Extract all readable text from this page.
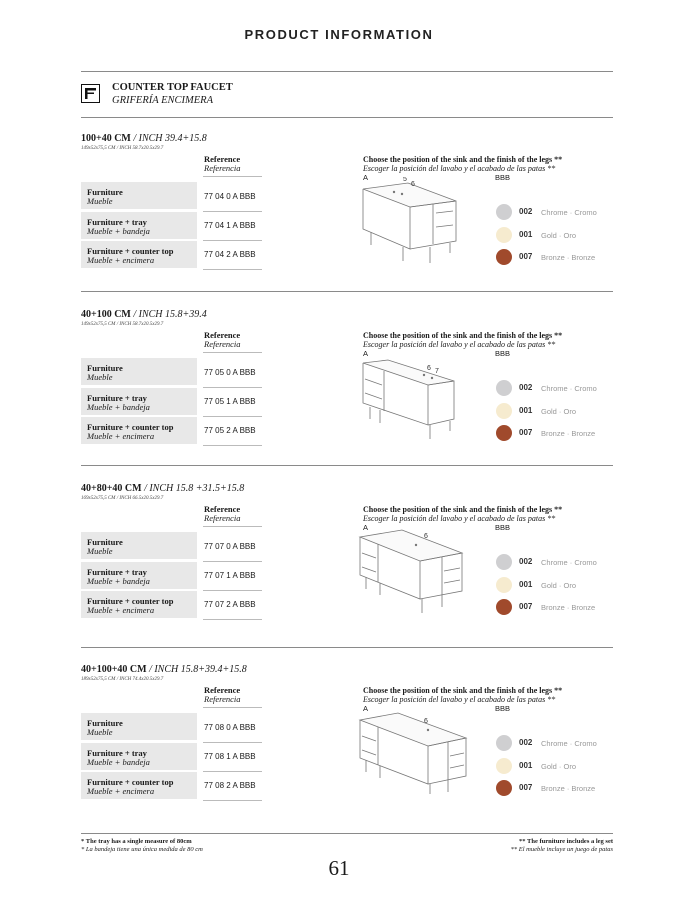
PRODUCT INFORMATION
COUNTER TOP FAUCET
GRIFERÍA ENCIMERA
100+40 CM / INCH 39.4+15.8
149x52x75,5 CM / INCH 58.7x20.5x29.7
Reference
Referencia
Furniture
Mueble	77 04 0 A BBB
Furniture + tray
Mueble + bandeja
77 04 1 A BBB
Furniture + counter top
Mueble + encimera
77 04 2 A BBB
Choose the position of the sink and the finish of the legs **
Escoger la posición del lavabo y el acabado de las patas **
A	BBB
5
6
002 Chrome · Cromo
001 Gold · Oro
007 Bronze · Bronze
40+100 CM / INCH 15.8+39.4
149x52x75,5 CM / INCH 58.7x20.5x29.7
Reference
Referencia
Furniture
Mueble	77 05 0 A BBB
Furniture + tray
Mueble + bandeja
77 05 1 A BBB
Furniture + counter top
Mueble + encimera
77 05 2 A BBB
Choose the position of the sink and the finish of the legs **
Escoger la posición del lavabo y el acabado de las patas **
A	BBB
6 7
002 Chrome · Cromo
001 Gold · Oro
007 Bronze · Bronze
40+80+40 CM / INCH 15.8 +31.5+15.8
169x52x75,5 CM / INCH 66.5x20.5x29.7
Reference
Referencia
Furniture
Mueble	77 07 0 A BBB
Furniture + tray
Mueble + bandeja
77 07 1 A BBB
Furniture + counter top
Mueble + encimera
77 07 2 A BBB
Choose the position of the sink and the finish of the legs **
Escoger la posición del lavabo y el acabado de las patas **
A	BBB
6
002 Chrome · Cromo
001 Gold · Oro
007 Bronze · Bronze
40+100+40 CM / INCH 15.8+39.4+15.8
189x52x75,5 CM / INCH 74.4x20.5x29.7
Reference
Referencia
Furniture
Mueble	77 08 0 A BBB
Furniture + tray
Mueble + bandeja
77 08 1 A BBB
Furniture + counter top
Mueble + encimera
77 08 2 A BBB
Choose the position of the sink and the finish of the legs **
Escoger la posición del lavabo y el acabado de las patas **
A	BBB
6
002 Chrome · Cromo
001 Gold · Oro
007 Bronze · Bronze
* The tray has a single measure of 80cm
* La bandeja tiene una única medida de 80 cm
** The furniture includes a leg set
** El mueble incluye un juego de patas
61
